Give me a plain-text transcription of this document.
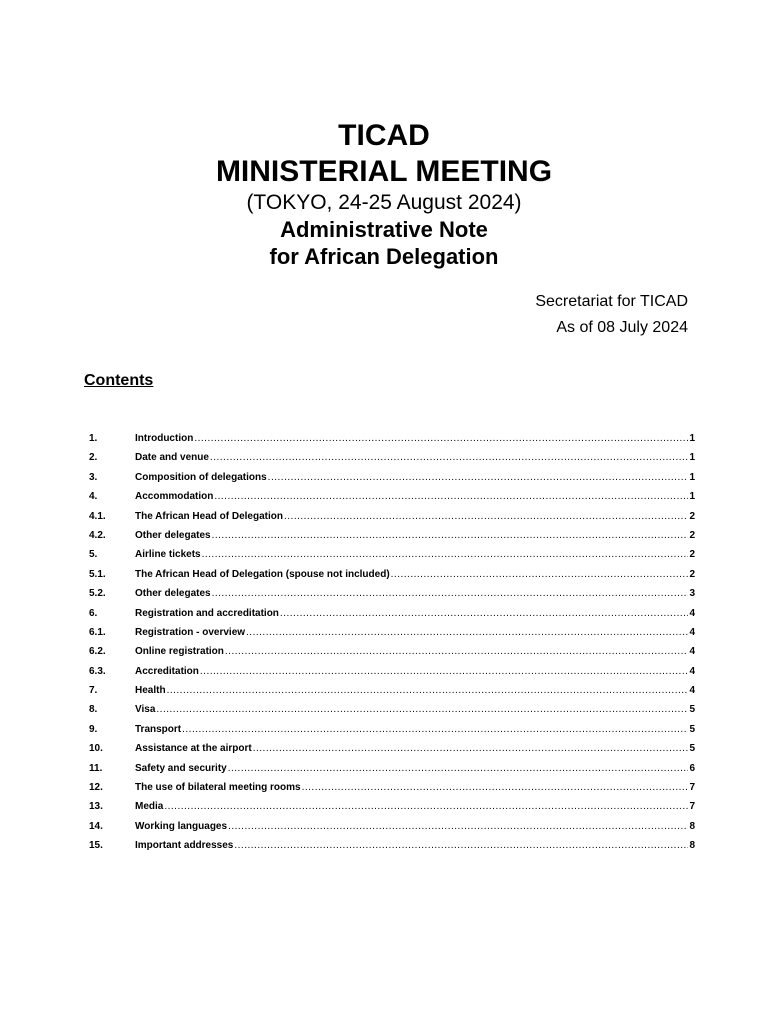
TICAD
MINISTERIAL MEETING
(TOKYO, 24-25 August 2024)
Administrative Note
for African Delegation
Secretariat for TICAD
As of 08 July 2024
Contents
1.	Introduction .....	1
2.	Date and venue .....	1
3.	Composition of delegations .....	1
4.	Accommodation .....	1
4.1.	The African Head of Delegation .....	2
4.2.	Other delegates .....	2
5.	Airline tickets .....	2
5.1.	The African Head of Delegation (spouse not included) .....	2
5.2.	Other delegates .....	3
6.	Registration and accreditation .....	4
6.1.	Registration - overview .....	4
6.2.	Online registration .....	4
6.3.	Accreditation .....	4
7.	Health .....	4
8.	Visa .....	5
9.	Transport .....	5
10.	Assistance at the airport .....	5
11.	Safety and security .....	6
12.	The use of bilateral meeting rooms .....	7
13.	Media .....	7
14.	Working languages .....	8
15.	Important addresses .....	8
